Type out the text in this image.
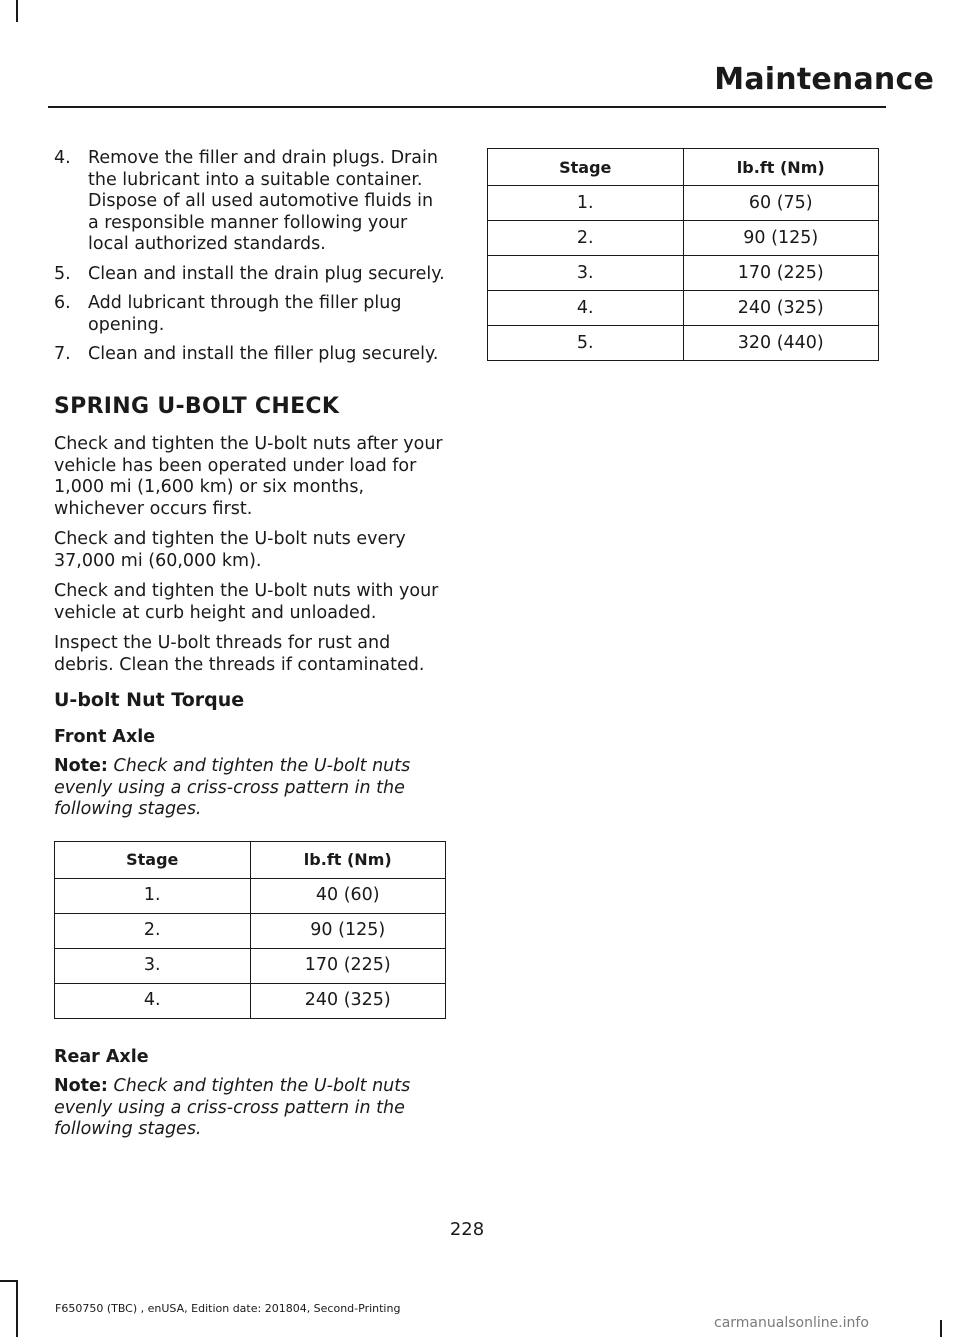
Maintenance
4. Remove the filler and drain plugs. Drain the lubricant into a suitable container. Dispose of all used automotive fluids in a responsible manner following your local authorized standards.
5. Clean and install the drain plug securely.
6. Add lubricant through the filler plug opening.
7. Clean and install the filler plug securely.
SPRING U-BOLT CHECK

Check and tighten the U-bolt nuts after your vehicle has been operated under load for 1,000 mi (1,600 km) or six months, whichever occurs first.

Check and tighten the U-bolt nuts every 37,000 mi (60,000 km).

Check and tighten the U-bolt nuts with your vehicle at curb height and unloaded.

Inspect the U-bolt threads for rust and debris. Clean the threads if contaminated.

U-bolt Nut Torque
Front Axle

Note: Check and tighten the U-bolt nuts evenly using a criss-cross pattern in the following stages.

Stage	lb.ft (Nm)
1.	40 (60)
2.	90 (125)
3.	170 (225)
4.	240 (325)
Rear Axle

Note: Check and tighten the U-bolt nuts evenly using a criss-cross pattern in the following stages.

Stage	lb.ft (Nm)
1.	60 (75)
2.	90 (125)
3.	170 (225)
4.	240 (325)
5.	320 (440)
228
F650750 (TBC) , enUSA, Edition date: 201804, Second-Printing
carmanualsonline.info
